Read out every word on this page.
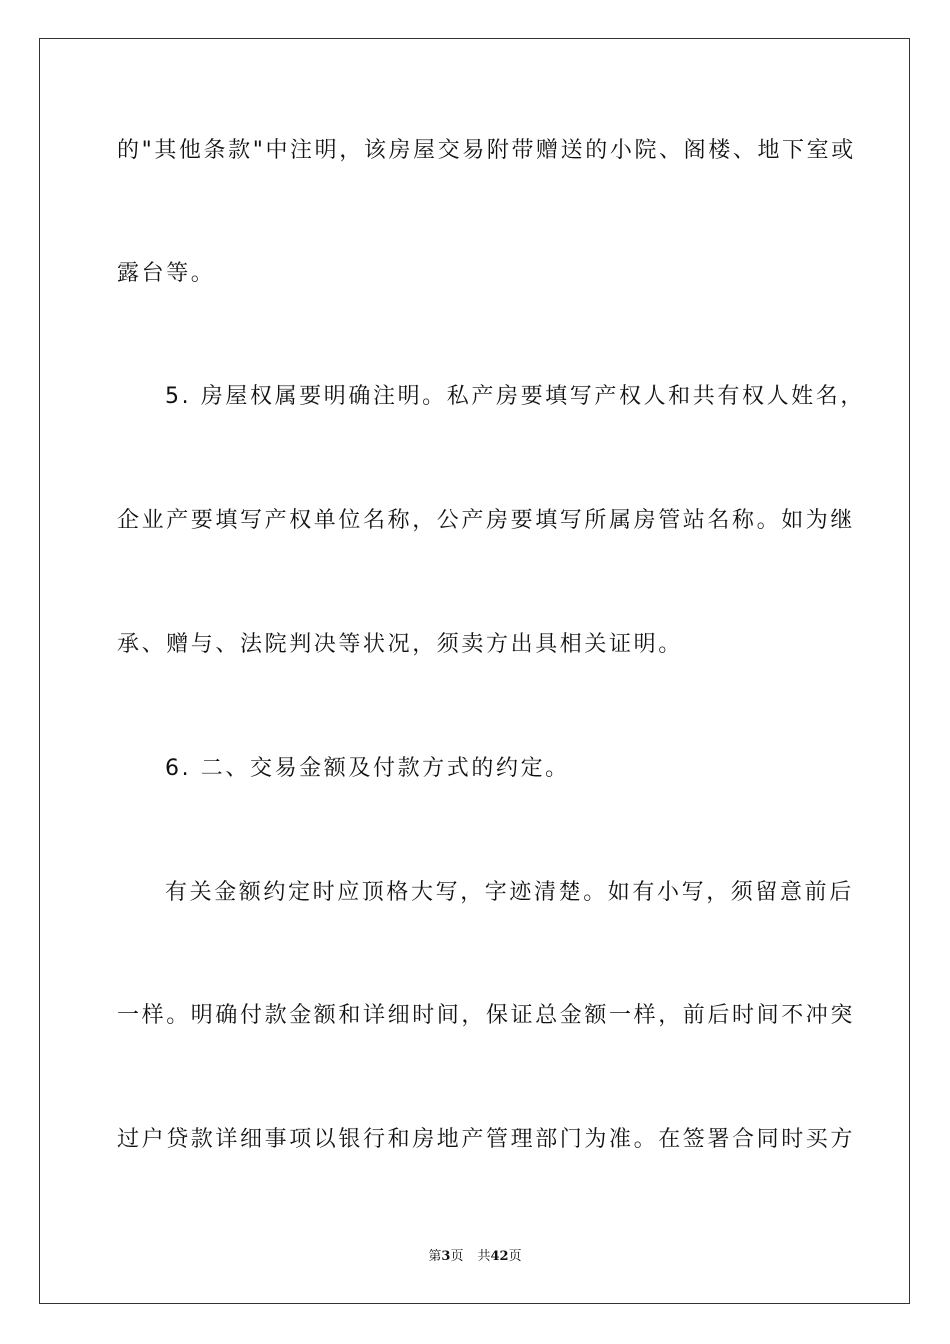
的"其他条款"中注明，该房屋交易附带赠送的小院、阁楼、地下室或
露台等。
5. 房屋权属要明确注明。私产房要填写产权人和共有权人姓名，
企业产要填写产权单位名称，公产房要填写所属房管站名称。如为继
承、赠与、法院判决等状况，须卖方出具相关证明。
6. 二、交易金额及付款方式的约定。
有关金额约定时应顶格大写，字迹清楚。如有小写，须留意前后
一样。明确付款金额和详细时间，保证总金额一样，前后时间不冲突
过户贷款详细事项以银行和房地产管理部门为准。在签署合同时买方
第3页 共42页
